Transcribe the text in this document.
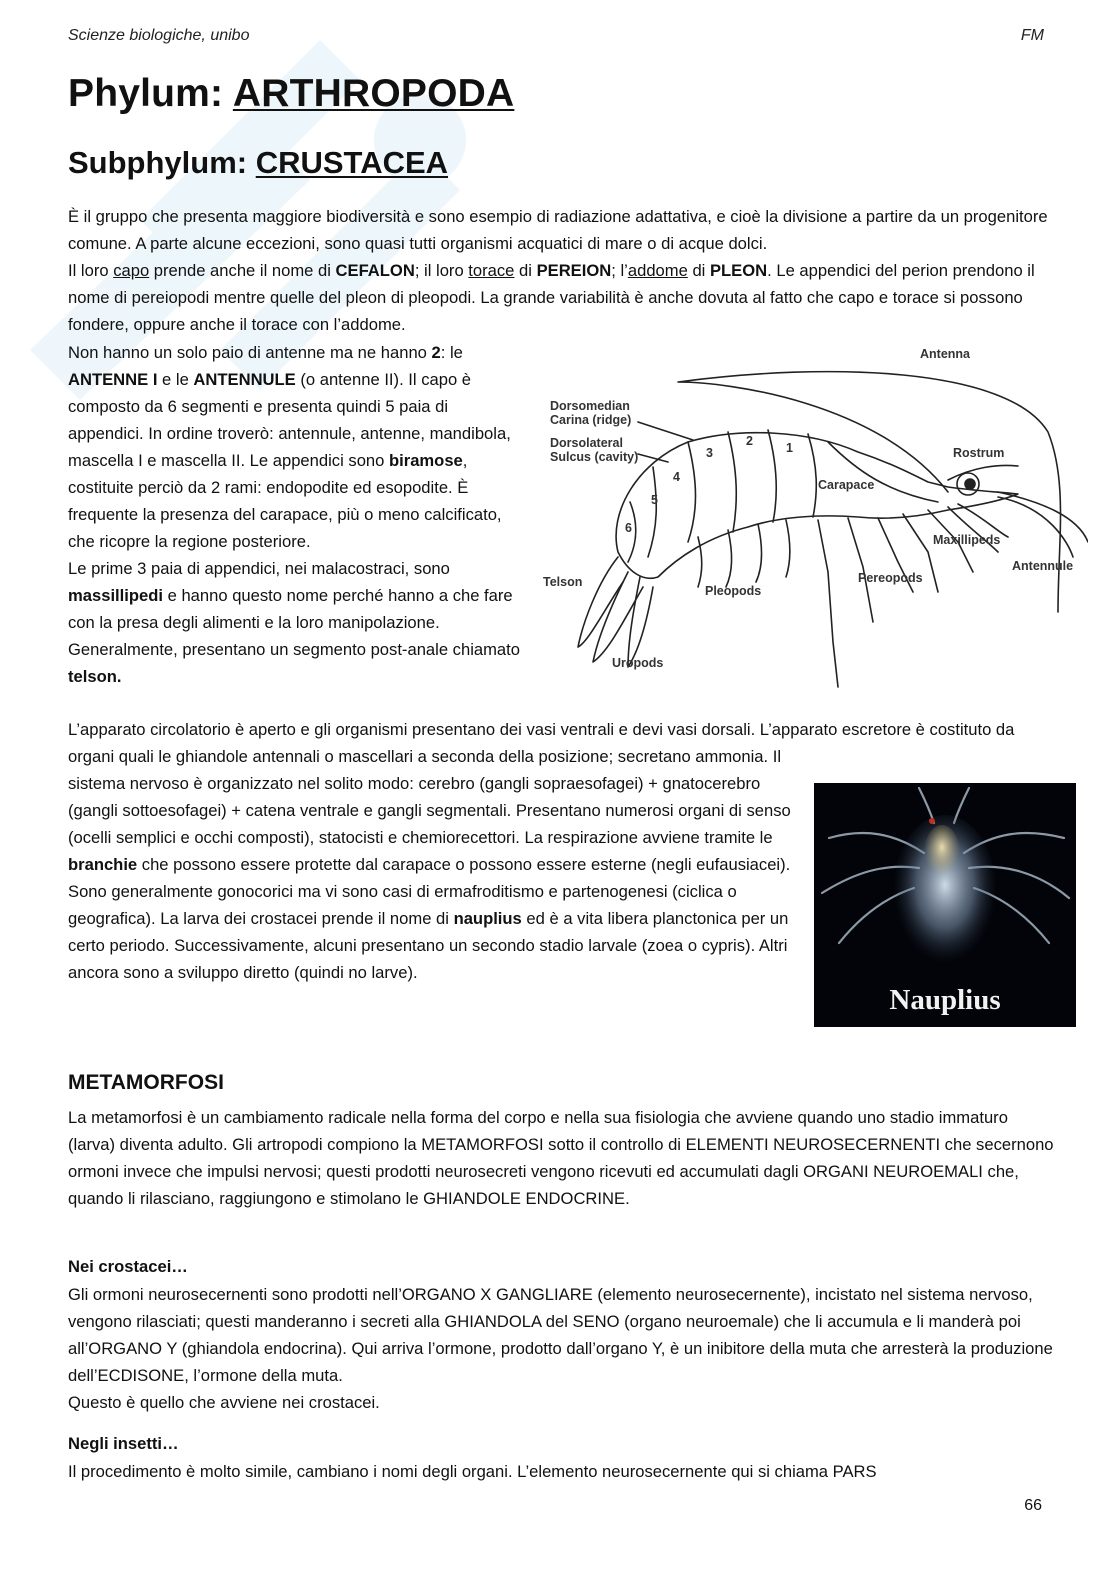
Scienze biologiche, unibo	FM
Phylum: ARTHROPODA
Subphylum: CRUSTACEA

È il gruppo che presenta maggiore biodiversità e sono esempio di radiazione adattativa, e cioè la divisione a partire da un progenitore comune. A parte alcune eccezioni, sono quasi tutti organismi acquatici di mare o di acque dolci.
Il loro capo prende anche il nome di CEFALON; il loro torace di PEREION; l’addome di PLEON. Le appendici del perion prendono il nome di pereiopodi mentre quelle del pleon di pleopodi. La grande variabilità è anche dovuta al fatto che capo e torace si possono fondere, oppure anche il torace con l’addome.

Non hanno un solo paio di antenne ma ne hanno 2: le ANTENNE I e le ANTENNULE (o antenne II). Il capo è composto da 6 segmenti e presenta quindi 5 paia di appendici. In ordine troverò: antennule, antenne, mandibola, mascella I e mascella II. Le appendici sono biramose, costituite perciò da 2 rami: endopodite ed esopodite. È frequente la presenza del carapace, più o meno calcificato, che ricopre la regione posteriore.
Le prime 3 paia di appendici, nei malacostraci, sono massillipedi e hanno questo nome perché hanno a che fare con la presa degli alimenti e la loro manipolazione.
Generalmente, presentano un segmento post-anale chiamato telson.

Antenna
Dorsomedian
Carina (ridge)
Dorsolateral
Sulcus (cavity)	Rostrum
Carapace
Maxillipeds
Antennule
Telson
Pleopods
Pereopods
Uropods
1
2
3
4
5
6

L’apparato circolatorio è aperto e gli organismi presentano dei vasi ventrali e devi vasi dorsali. L’apparato escretore è costituto da organi quali le ghiandole antennali o mascellari a seconda della posizione; secretano ammonia. Il

sistema nervoso è organizzato nel solito modo: cerebro (gangli sopraesofagei) + gnatocerebro (gangli sottoesofagei) + catena ventrale e gangli segmentali. Presentano numerosi organi di senso (ocelli semplici e occhi composti), statocisti e chemiorecettori. La respirazione avviene tramite le branchie che possono essere protette dal carapace o possono essere esterne (negli eufausiacei).
Sono generalmente gonocorici ma vi sono casi di ermafroditismo e partenogenesi (ciclica o geografica). La larva dei crostacei prende il nome di nauplius ed è a vita libera planctonica per un certo periodo. Successivamente, alcuni presentano un secondo stadio larvale (zoea o cypris). Altri ancora sono a sviluppo diretto (quindi no larve).

Nauplius
METAMORFOSI

La metamorfosi è un cambiamento radicale nella forma del corpo e nella sua fisiologia che avviene quando uno stadio immaturo (larva) diventa adulto. Gli artropodi compiono la METAMORFOSI sotto il controllo di ELEMENTI NEUROSECERNENTI che secernono ormoni invece che impulsi nervosi; questi prodotti neurosecreti vengono ricevuti ed accumulati dagli ORGANI NEUROEMALI che, quando li rilasciano, raggiungono e stimolano le GHIANDOLE ENDOCRINE.

Nei crostacei…

Gli ormoni neurosecernenti sono prodotti nell’ORGANO X GANGLIARE (elemento neurosecernente), incistato nel sistema nervoso, vengono rilasciati; questi manderanno i secreti alla GHIANDOLA del SENO (organo neuroemale) che li accumula e li manderà poi all’ORGANO Y (ghiandola endocrina). Qui arriva l’ormone, prodotto dall’organo Y, è un inibitore della muta che arresterà la produzione dell’ECDISONE, l’ormone della muta.
Questo è quello che avviene nei crostacei.

Negli insetti…

Il procedimento è molto simile, cambiano i nomi degli organi. L’elemento neurosecernente qui si chiama PARS

66
